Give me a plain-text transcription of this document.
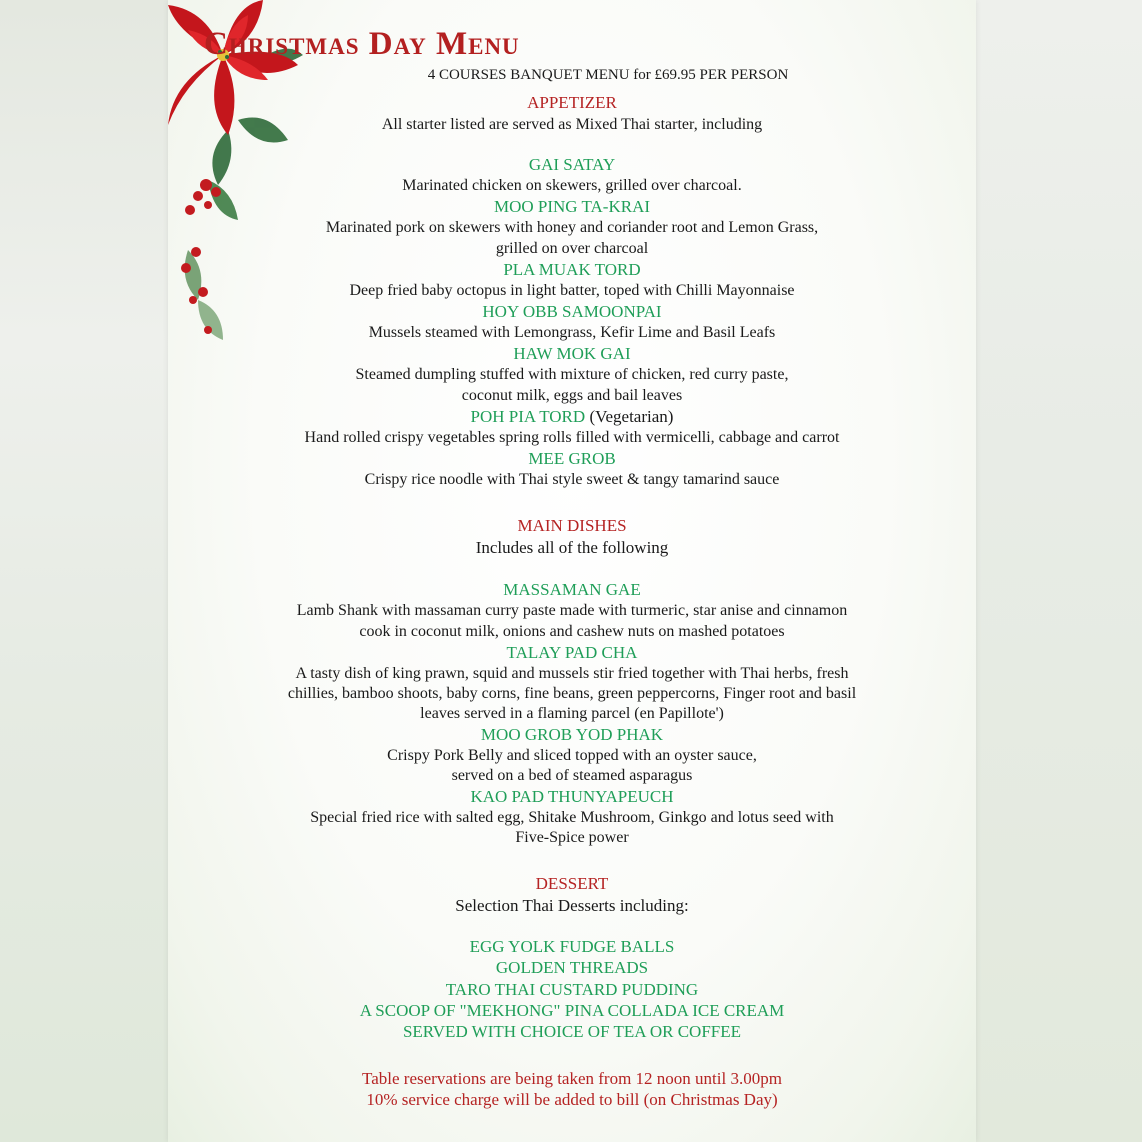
Christmas Day Menu
4 COURSES BANQUET MENU for £69.95 PER PERSON
APPETIZER
All starter listed are served as Mixed Thai starter, including
GAI SATAY
Marinated chicken on skewers, grilled over charcoal.
MOO PING TA-KRAI
Marinated pork on skewers with honey and coriander root and Lemon Grass,
grilled on over charcoal
PLA MUAK TORD
Deep fried baby octopus in light batter, toped with Chilli Mayonnaise
HOY OBB SAMOONPAI
Mussels steamed with Lemongrass, Kefir Lime and Basil Leafs
HAW MOK GAI
Steamed dumpling stuffed with mixture of chicken, red curry paste,
coconut milk, eggs and bail leaves
POH PIA TORD (Vegetarian)
Hand rolled crispy vegetables spring rolls filled with vermicelli, cabbage and carrot
MEE GROB
Crispy rice noodle with Thai style sweet & tangy tamarind sauce
MAIN DISHES
Includes all of the following
MASSAMAN GAE
Lamb Shank with massaman curry paste made with turmeric, star anise and cinnamon
cook in coconut milk, onions and cashew nuts on mashed potatoes
TALAY PAD CHA
A tasty dish of king prawn, squid and mussels stir fried together with Thai herbs, fresh
chillies, bamboo shoots, baby corns, fine beans, green peppercorns, Finger root and basil
leaves served in a flaming parcel (en Papillote')
MOO GROB YOD PHAK
Crispy Pork Belly and sliced topped with an oyster sauce,
served on a bed of steamed asparagus
KAO PAD THUNYAPEUCH
Special fried rice with salted egg, Shitake Mushroom, Ginkgo and lotus seed with
Five-Spice power
DESSERT
Selection Thai Desserts including:
EGG YOLK FUDGE BALLS
GOLDEN THREADS
TARO THAI CUSTARD PUDDING
A SCOOP OF "MEKHONG" PINA COLLADA ICE CREAM
SERVED WITH CHOICE OF TEA OR COFFEE
Table reservations are being taken from 12 noon until 3.00pm
10% service charge will be added to bill (on Christmas Day)
